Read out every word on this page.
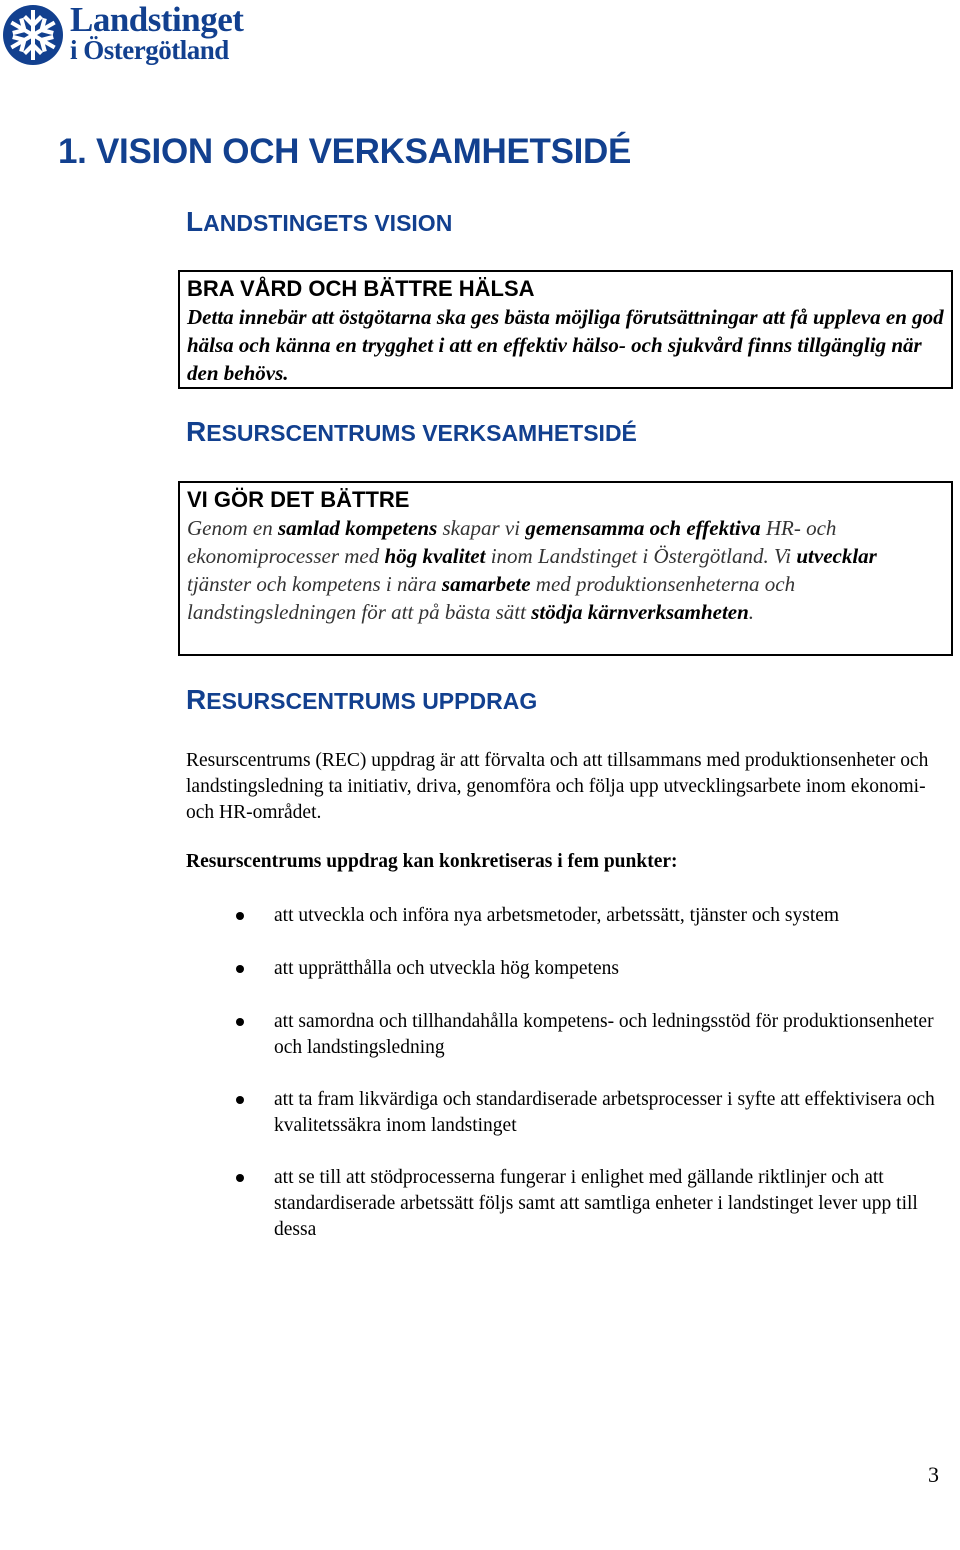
Landstinget
i Östergötland
1. VISION OCH VERKSAMHETSIDÉ
LANDSTINGETS VISION

BRA VÅRD OCH BÄTTRE HÄLSA

Detta innebär att östgötarna ska ges bästa möjliga förutsättningar att få uppleva en god hälsa och känna en trygghet i att en effektiv hälso- och sjukvård finns tillgänglig när den behövs.

RESURSCENTRUMS VERKSAMHETSIDÉ

VI GÖR DET BÄTTRE

Genom en samlad kompetens skapar vi gemensamma och effektiva HR- och ekonomiprocesser med hög kvalitet inom Landstinget i Östergötland. Vi utvecklar tjänster och kompetens i nära samarbete med produktionsenheterna och landstingsledningen för att på bästa sätt stödja kärnverksamheten.

RESURSCENTRUMS UPPDRAG

Resurscentrums (REC) uppdrag är att förvalta och att tillsammans med produktionsenheter och landstingsledning ta initiativ, driva, genomföra och följa upp utvecklingsarbete inom ekonomi- och HR-området.

Resurscentrums uppdrag kan konkretiseras i fem punkter:

att utveckla och införa nya arbetsmetoder, arbetssätt, tjänster och system

att upprätthålla och utveckla hög kompetens

att samordna och tillhandahålla kompetens- och ledningsstöd för produktionsenheter och landstingsledning

att ta fram likvärdiga och standardiserade arbetsprocesser i syfte att effektivisera och kvalitetssäkra inom landstinget

att se till att stödprocesserna fungerar i enlighet med gällande riktlinjer och att standardiserade arbetssätt följs samt att samtliga enheter i landstinget lever upp till dessa

3
